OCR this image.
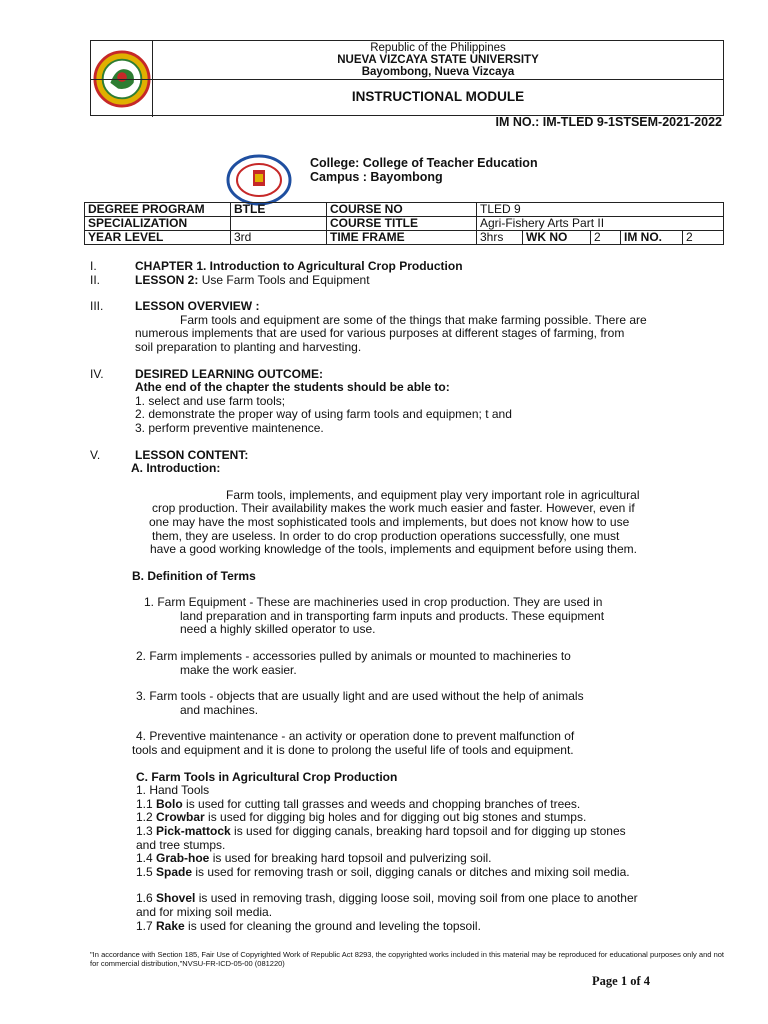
Republic of the Philippines
NUEVA VIZCAYA STATE UNIVERSITY
Bayombong, Nueva Vizcaya
INSTRUCTIONAL MODULE
IM NO.: IM-TLED 9-1STSEM-2021-2022
College: College of Teacher Education
Campus : Bayombong
DEGREE PROGRAM	BTLE	COURSE NO	TLED 9				
SPECIALIZATION		COURSE TITLE	Agri-Fishery Arts Part II				
YEAR LEVEL	3rd	TIME FRAME	3hrs	WK NO	2	IM NO.	2
I.	CHAPTER 1. Introduction to Agricultural Crop Production
II.	LESSON 2: Use Farm Tools and Equipment
III.	LESSON OVERVIEW :
Farm tools and equipment are some of the things that make farming possible. There are
numerous implements that are used for various purposes at different stages of farming, from
soil preparation to planting and harvesting.
IV.	DESIRED LEARNING OUTCOME:
Athe end of the chapter the students should be able to:
1. select and use farm tools;
2. demonstrate the proper way of using farm tools and equipmen; t and
3. perform preventive maintenence.
V.	LESSON CONTENT:
A. Introduction:
Farm tools, implements, and equipment play very important role in agricultural
crop production. Their availability makes the work much easier and faster. However, even if
one may have the most sophisticated tools and implements, but does not know how to use
them, they are useless. In order to do crop production operations successfully, one must
have a good working knowledge of the tools, implements and equipment before using them.
B. Definition of Terms
1. Farm Equipment - These are machineries used in crop production. They are used in
land preparation and in transporting farm inputs and products. These equipment
need a highly skilled operator to use.
2. Farm implements - accessories pulled by animals or mounted to machineries to
make the work easier.
3. Farm tools - objects that are usually light and are used without the help of animals
and machines.
4. Preventive maintenance - an activity or operation done to prevent malfunction of
tools and equipment and it is done to prolong the useful life of tools and equipment.
C. Farm Tools in Agricultural Crop Production
1. Hand Tools
1.1 Bolo is used for cutting tall grasses and weeds and chopping branches of trees.
1.2 Crowbar is used for digging big holes and for digging out big stones and stumps.
1.3 Pick-mattock is used for digging canals, breaking hard topsoil and for digging up stones
and tree stumps.
1.4 Grab-hoe is used for breaking hard topsoil and pulverizing soil.
1.5 Spade is used for removing trash or soil, digging canals or ditches and mixing soil media.
1.6 Shovel is used in removing trash, digging loose soil, moving soil from one place to another
and for mixing soil media.
1.7 Rake is used for cleaning the ground and leveling the topsoil.
"In accordance with Section 185, Fair Use of Copyrighted Work of Republic Act 8293, the copyrighted works included in this material may be reproduced for educational purposes only and not for commercial distribution,"NVSU-FR-ICD-05-00 (081220)
Page 1 of 4
